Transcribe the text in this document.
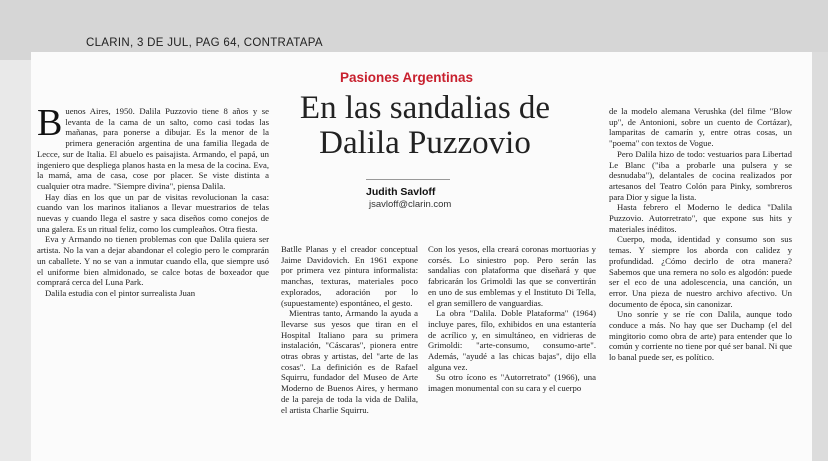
CLARIN, 3 DE JUL, PAG 64, CONTRATAPA
Pasiones Argentinas
En las sandalias de
Dalila Puzzovio
Judith Savloff
jsavloff@clarin.com

Buenos Aires, 1950. Dalila Puzzovio tiene 8 años y se levanta de la cama de un salto, como casi todas las mañanas, para ponerse a dibujar. Es la menor de la primera generación argentina de una familia llegada de Lecce, sur de Italia. El abuelo es paisajista. Armando, el papá, un ingeniero que despliega planos hasta en la mesa de la cocina. Eva, la mamá, ama de casa, cose por placer. Se viste distinta a cualquier otra madre. "Siempre divina", piensa Dalila.

Hay días en los que un par de visitas revolucionan la casa: cuando van los marinos italianos a llevar muestrarios de telas nuevas y cuando llega el sastre y saca diseños como conejos de una galera. Es un ritual feliz, como los cumpleaños. Otra fiesta.

Eva y Armando no tienen problemas con que Dalila quiera ser artista. No la van a dejar abandonar el colegio pero le comprarán un caballete. Y no se van a inmutar cuando ella, que siempre usó el uniforme bien almidonado, se calce botas de boxeador que comprará cerca del Luna Park.

Dalila estudia con el pintor surrealista Juan

Batlle Planas y el creador conceptual Jaime Davidovich. En 1961 expone por primera vez pintura informalista: manchas, texturas, materiales poco explorados, adoración por lo (supuestamente) espontáneo, el gesto.

Mientras tanto, Armando la ayuda a llevarse sus yesos que tiran en el Hospital Italiano para su primera instalación, "Cáscaras", pionera entre otras obras y artistas, del "arte de las cosas". La definición es de Rafael Squirru, fundador del Museo de Arte Moderno de Buenos Aires, y hermano de la pareja de toda la vida de Dalila, el artista Charlie Squirru.

Con los yesos, ella creará coronas mortuorias y corsés. Lo siniestro pop. Pero serán las sandalias con plataforma que diseñará y que fabricarán los Grimoldi las que se convertirán en uno de sus emblemas y el Instituto Di Tella, el gran semillero de vanguardias.

La obra "Dalila. Doble Plataforma" (1964) incluye pares, fílo, exhibidos en una estantería de acrílico y, en simultáneo, en vidrieras de Grimoldi: "arte-consumo, consumo-arte". Además, "ayudé a las chicas bajas", dijo ella alguna vez.

Su otro ícono es "Autorretrato" (1966), una imagen monumental con su cara y el cuerpo

de la modelo alemana Verushka (del filme "Blow up", de Antonioni, sobre un cuento de Cortázar), lamparitas de camarín y, entre otras cosas, un "poema" con textos de Vogue.

Pero Dalila hizo de todo: vestuarios para Libertad Le Blanc ("iba a probarle una pulsera y se desnudaba"), delantales de cocina realizados por artesanos del Teatro Colón para Pinky, sombreros para Dior y sigue la lista.

Hasta febrero el Moderno le dedica "Dalila Puzzovio. Autorretrato", que expone sus hits y materiales inéditos.

Cuerpo, moda, identidad y consumo son sus temas. Y siempre los aborda con calidez y profundidad. ¿Cómo decirlo de otra manera? Sabemos que una remera no solo es algodón: puede ser el eco de una adolescencia, una canción, un error. Una pieza de nuestro archivo afectivo. Un documento de época, sin canonizar.

Uno sonríe y se ríe con Dalila, aunque todo conduce a más. No hay que ser Duchamp (el del mingitorio como obra de arte) para entender que lo común y corriente no tiene por qué ser banal. Ni que lo banal puede ser, es político.
